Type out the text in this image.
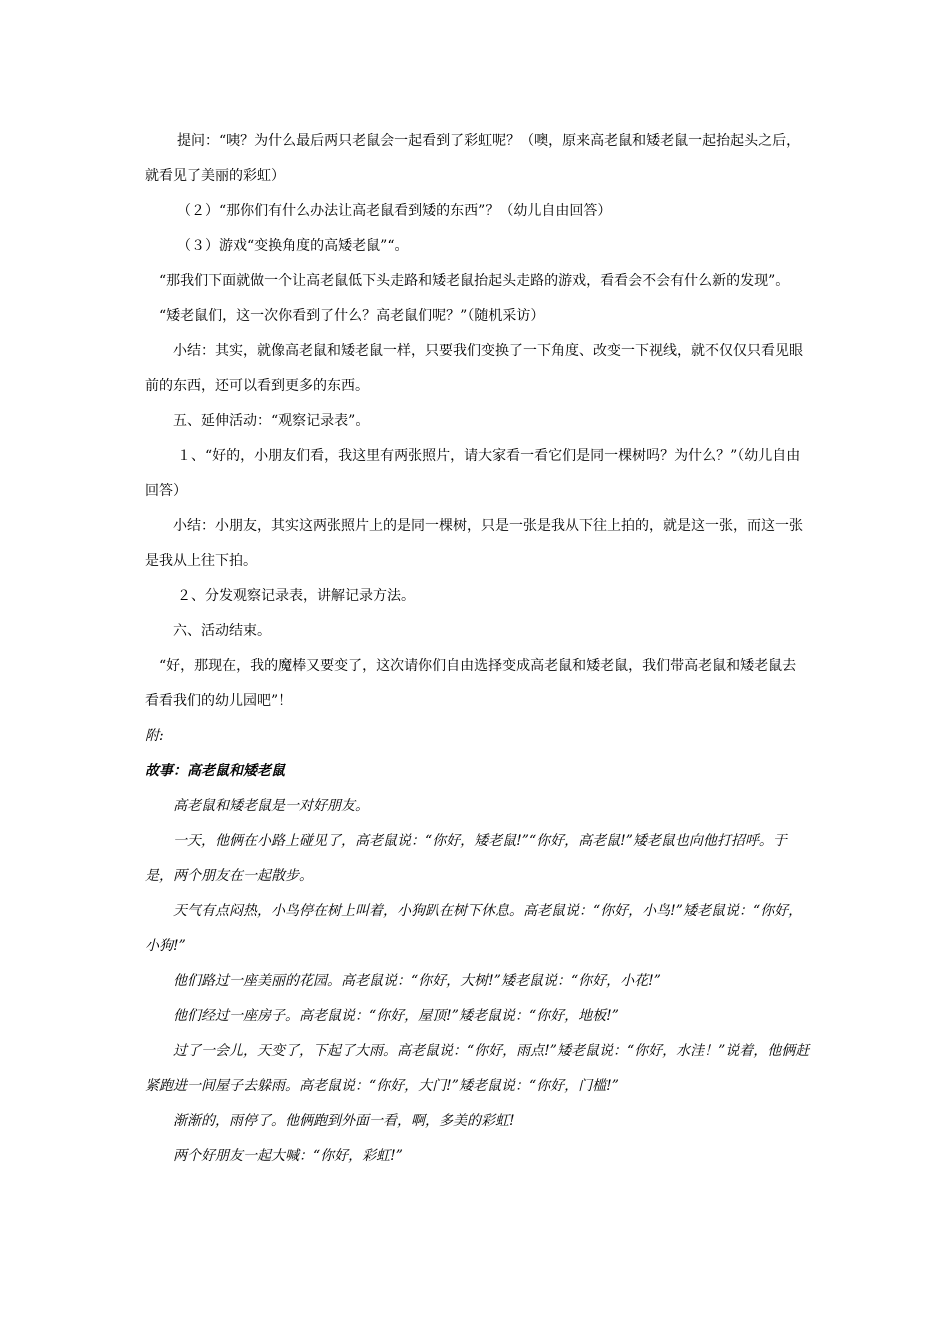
提问：“咦？为什么最后两只老鼠会一起看到了彩虹呢？（噢，原来高老鼠和矮老鼠一起抬起头之后，就看见了美丽的彩虹）

（２）“那你们有什么办法让高老鼠看到矮的东西”？（幼儿自由回答）

（３）游戏“变换角度的高矮老鼠”“。

“那我们下面就做一个让高老鼠低下头走路和矮老鼠抬起头走路的游戏，看看会不会有什么新的发现”。

“矮老鼠们，这一次你看到了什么？高老鼠们呢？”（随机采访）

小结：其实，就像高老鼠和矮老鼠一样，只要我们变换了一下角度、改变一下视线，就不仅仅只看见眼前的东西，还可以看到更多的东西。

五、延伸活动：“观察记录表”。

１、“好的，小朋友们看，我这里有两张照片，请大家看一看它们是同一棵树吗？为什么？”（幼儿自由回答）

小结：小朋友，其实这两张照片上的是同一棵树，只是一张是我从下往上拍的，就是这一张，而这一张是我从上往下拍。

２、分发观察记录表，讲解记录方法。

六、活动结束。

“好，那现在，我的魔棒又要变了，这次请你们自由选择变成高老鼠和矮老鼠，我们带高老鼠和矮老鼠去看看我们的幼儿园吧”！

附:

故事：高老鼠和矮老鼠

高老鼠和矮老鼠是一对好朋友。

一天，他俩在小路上碰见了，高老鼠说：“你好，矮老鼠!”“你好，高老鼠!”矮老鼠也向他打招呼。于是，两个朋友在一起散步。

天气有点闷热，小鸟停在树上叫着，小狗趴在树下休息。高老鼠说：“你好，小鸟!”矮老鼠说：“你好，小狗!”

他们路过一座美丽的花园。高老鼠说：“你好，大树!”矮老鼠说：“你好，小花!”

他们经过一座房子。高老鼠说：“你好，屋顶!”矮老鼠说：“你好，地板!”

过了一会儿，天变了，下起了大雨。高老鼠说：“你好，雨点!”矮老鼠说：“你好，水洼！”说着，他俩赶紧跑进一间屋子去躲雨。高老鼠说：“你好，大门!”矮老鼠说：“你好，门槛!”

渐渐的，雨停了。他俩跑到外面一看，啊，多美的彩虹!

两个好朋友一起大喊：“你好，彩虹!”
